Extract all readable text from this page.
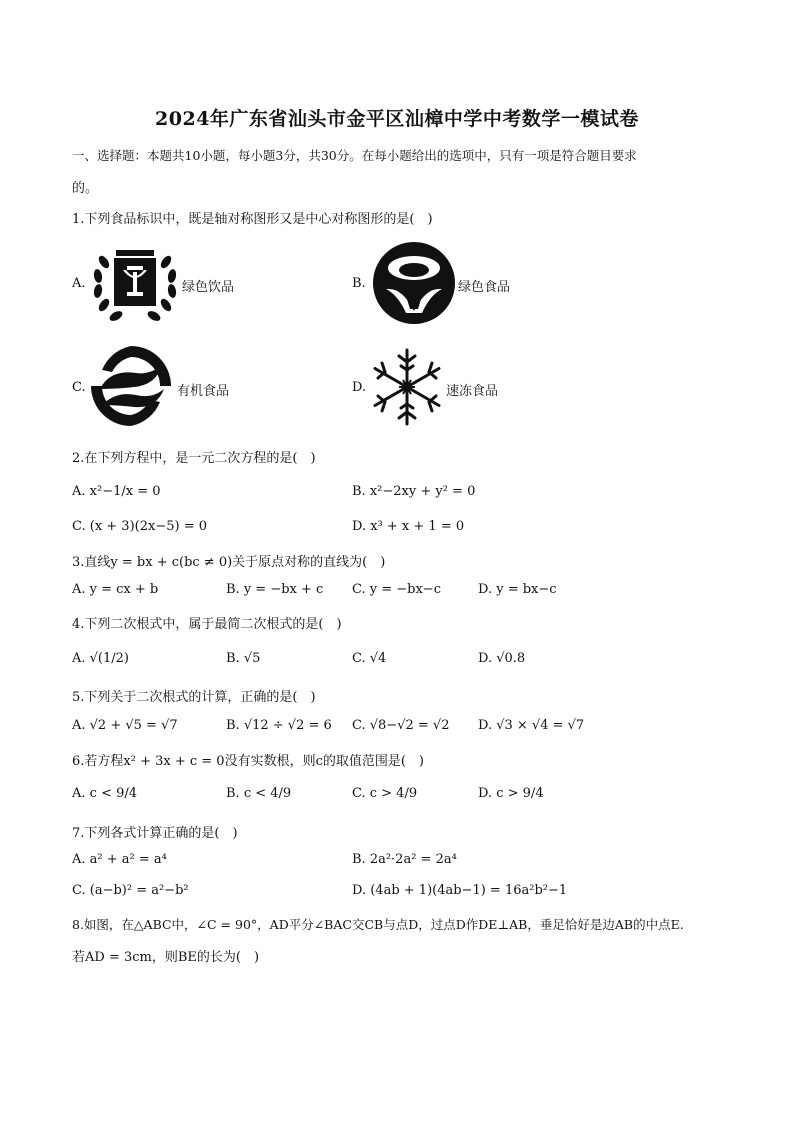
2024年广东省汕头市金平区汕樟中学中考数学一模试卷
一、选择题：本题共10小题，每小题3分，共30分。在每小题给出的选项中，只有一项是符合题目要求
的。
1.下列食品标识中，既是轴对称图形又是中心对称图形的是(　)
A.	绿色饮品	B.	绿色食品
C.	有机食品	D.	速冻食品
2.在下列方程中，是一元二次方程的是(　)
A. x²−1/x = 0	B. x²−2xy + y² = 0
C. (x + 3)(2x−5) = 0	D. x³ + x + 1 = 0
3.直线y = bx + c(bc ≠ 0)关于原点对称的直线为(　)
A. y = cx + b	B. y = −bx + c C. y = −bx−c	D. y = bx−c
4.下列二次根式中，属于最简二次根式的是(　)
A. √(1/2)	B. √5	C. √4	D. √0.8
5.下列关于二次根式的计算，正确的是(　)
A. √2 + √5 = √7	B. √12 ÷ √2 = 6 C. √8−√2 = √2 D. √3 × √4 = √7
6.若方程x² + 3x + c = 0没有实数根，则c的取值范围是(　)
A. c < 9/4	B. c < 4/9	C. c > 4/9	D. c > 9/4
7.下列各式计算正确的是(　)
A. a² + a² = a⁴	B. 2a²·2a² = 2a⁴
C. (a−b)² = a²−b²	D. (4ab + 1)(4ab−1) = 16a²b²−1
8.如图，在△ABC中，∠C = 90°，AD平分∠BAC交CB与点D，过点D作DE⊥AB，垂足恰好是边AB的中点E.
若AD = 3cm，则BE的长为(　)
